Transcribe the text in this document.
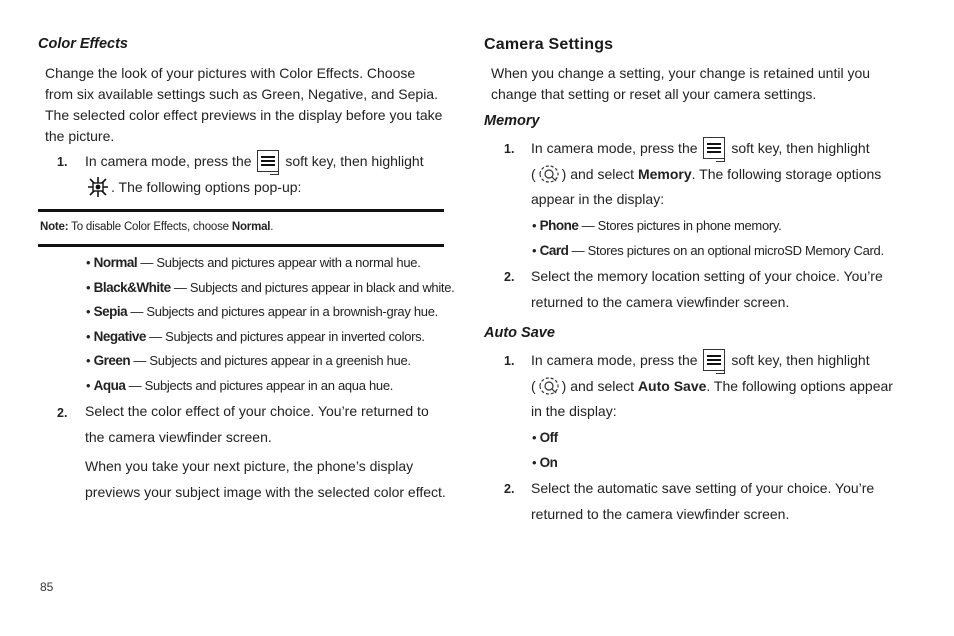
Color Effects
Change the look of your pictures with Color Effects. Choose from six available settings such as Green, Negative, and Sepia. The selected color effect previews in the display before you take the picture.
1. In camera mode, press the soft key, then highlight
. The following options pop-up:
Note: To disable Color Effects, choose Normal.
• Normal — Subjects and pictures appear with a normal hue.
• Black&White — Subjects and pictures appear in black and white.
• Sepia — Subjects and pictures appear in a brownish-gray hue.
• Negative — Subjects and pictures appear in inverted colors.
• Green — Subjects and pictures appear in a greenish hue.
• Aqua — Subjects and pictures appear in an aqua hue.
2. Select the color effect of your choice. You’re returned to
the camera viewfinder screen.
When you take your next picture, the phone’s display
previews your subject image with the selected color effect.
Camera Settings
When you change a setting, your change is retained until you
change that setting or reset all your camera settings.
Memory
1. In camera mode, press the soft key, then highlight
( ) and select Memory. The following storage options
appear in the display:
• Phone — Stores pictures in phone memory.
• Card — Stores pictures on an optional microSD Memory Card.
2. Select the memory location setting of your choice. You’re
returned to the camera viewfinder screen.
Auto Save
1. In camera mode, press the soft key, then highlight
( ) and select Auto Save. The following options appear
in the display:
• Off
• On
2. Select the automatic save setting of your choice. You’re
returned to the camera viewfinder screen.
85
